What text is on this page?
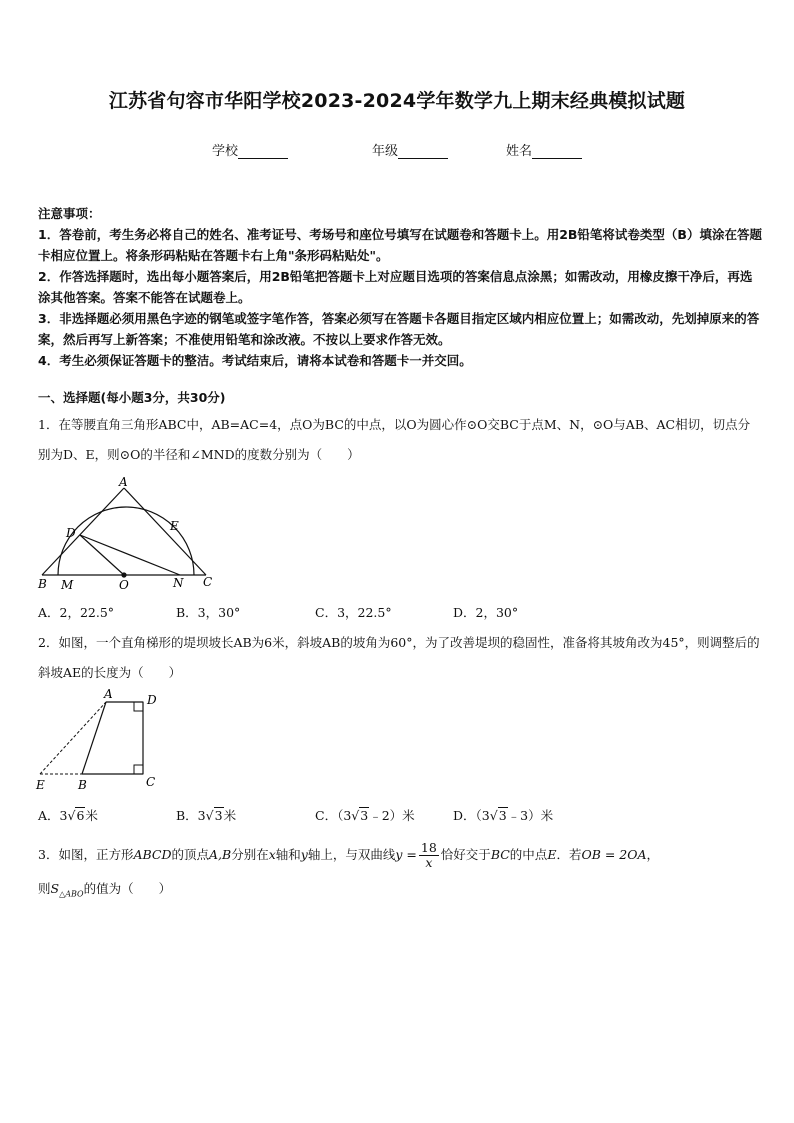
江苏省句容市华阳学校2023-2024学年数学九上期末经典模拟试题
学校	年级	姓名

注意事项：

1．答卷前，考生务必将自己的姓名、准考证号、考场号和座位号填写在试题卷和答题卡上。用2B铅笔将试卷类型（B）填涂在答题卡相应位置上。将条形码粘贴在答题卡右上角"条形码粘贴处"。

2．作答选择题时，选出每小题答案后，用2B铅笔把答题卡上对应题目选项的答案信息点涂黑；如需改动，用橡皮擦干净后，再选涂其他答案。答案不能答在试题卷上。

3．非选择题必须用黑色字迹的钢笔或签字笔作答，答案必须写在答题卡各题目指定区域内相应位置上；如需改动，先划掉原来的答案，然后再写上新答案；不准使用铅笔和涂改液。不按以上要求作答无效。

4．考生必须保证答题卡的整洁。考试结束后，请将本试卷和答题卡一并交回。

一、选择题(每小题3分，共30分)

1．在等腰直角三角形ABC中，AB=AC=4，点O为BC的中点，以O为圆心作⊙O交BC于点M、N，⊙O与AB、AC相切，切点分别为D、E，则⊙O的半径和∠MND的度数分别为（　　）

A
D	E
B M	O	N C
A．2，22.5°	B．3，30°	C．3，22.5°	D．2，30°

2．如图，一个直角梯形的堤坝坡长AB为6米，斜坡AB的坡角为60°，为了改善堤坝的稳固性，准备将其坡角改为45°，则调整后的斜坡AE的长度为（　　）

A	D
E	B	C
A．3√6米	B．3√3米	C．（3√3﹣2）米	D．（3√3﹣3）米

3．如图，正方形ABCD的顶点A,B分别在x轴和y轴上，与双曲线$y = \frac{18}{x}$ 恰好交于BC的中点E．若OB = 2OA，

则$S_{\triangle ABO}$的值为（　　）
